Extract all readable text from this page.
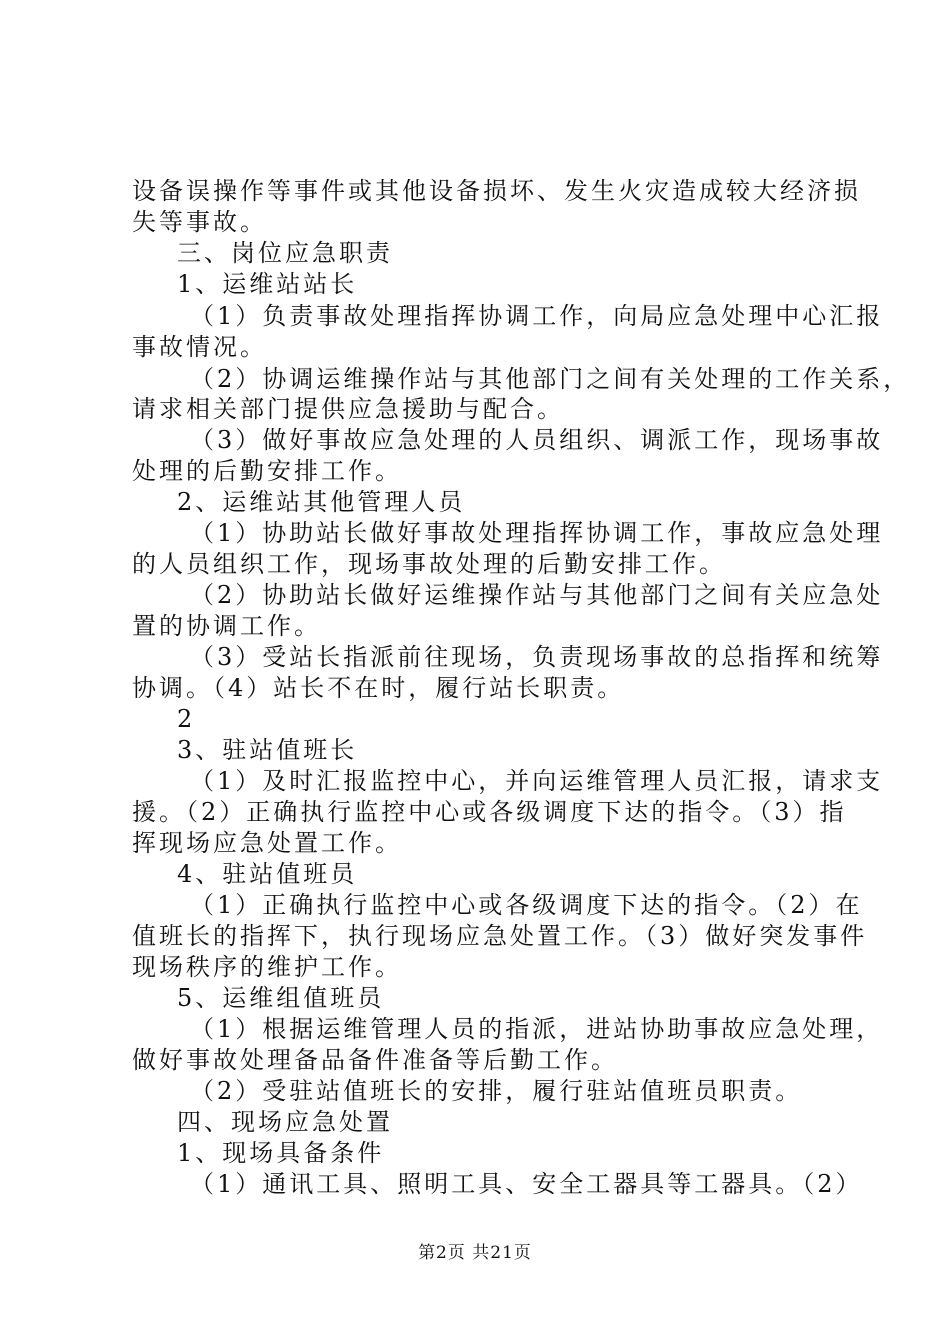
设备误操作等事件或其他设备损坏、发生火灾造成较大经济损
失等事故。
三、岗位应急职责
1、运维站站长
（1）负责事故处理指挥协调工作，向局应急处理中心汇报
事故情况。
（2）协调运维操作站与其他部门之间有关处理的工作关系，
请求相关部门提供应急援助与配合。
（3）做好事故应急处理的人员组织、调派工作，现场事故
处理的后勤安排工作。
2、运维站其他管理人员
（1）协助站长做好事故处理指挥协调工作，事故应急处理
的人员组织工作，现场事故处理的后勤安排工作。
（2）协助站长做好运维操作站与其他部门之间有关应急处
置的协调工作。
（3）受站长指派前往现场，负责现场事故的总指挥和统筹
协调。（4）站长不在时，履行站长职责。
2
3、驻站值班长
（1）及时汇报监控中心，并向运维管理人员汇报，请求支
援。（2）正确执行监控中心或各级调度下达的指令。（3）指
挥现场应急处置工作。
4、驻站值班员
（1）正确执行监控中心或各级调度下达的指令。（2）在
值班长的指挥下，执行现场应急处置工作。（3）做好突发事件
现场秩序的维护工作。
5、运维组值班员
（1）根据运维管理人员的指派，进站协助事故应急处理，
做好事故处理备品备件准备等后勤工作。
（2）受驻站值班长的安排，履行驻站值班员职责。
四、现场应急处置
1、现场具备条件
（1）通讯工具、照明工具、安全工器具等工器具。（2）
第2页 共21页
